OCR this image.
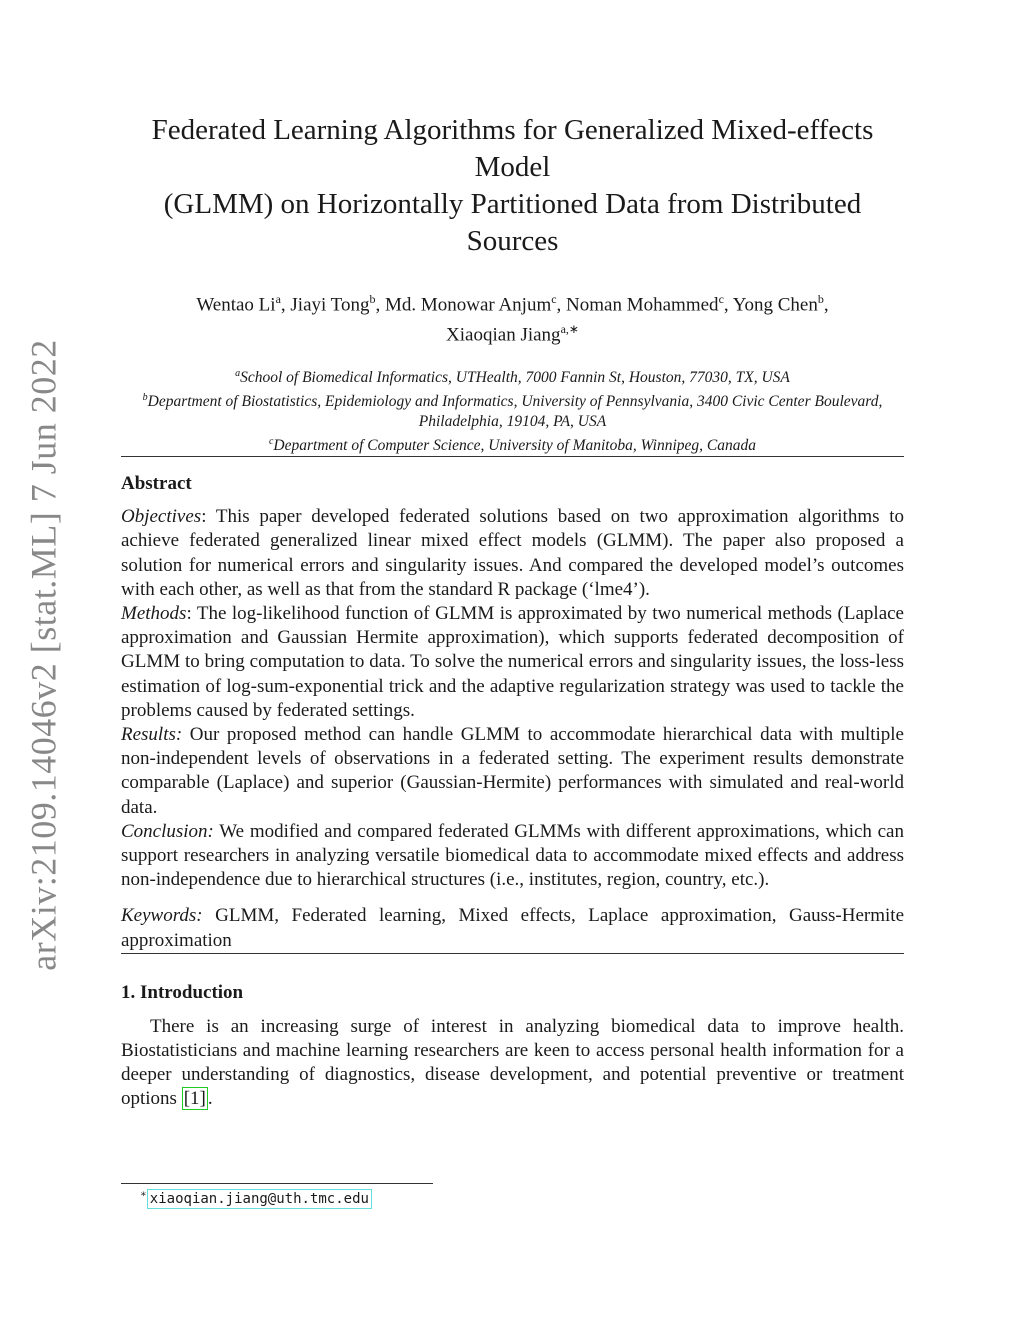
arXiv:2109.14046v2 [stat.ML] 7 Jun 2022
Federated Learning Algorithms for Generalized Mixed-effects Model
(GLMM) on Horizontally Partitioned Data from Distributed
Sources
Wentao Li$^a$, Jiayi Tong$^b$, Md. Monowar Anjum$^c$, Noman Mohammed$^c$, Yong Chen$^b$,
Xiaoqian Jiang$^{a,∗}$
$^a$School of Biomedical Informatics, UTHealth, 7000 Fannin St, Houston, 77030, TX, USA
$^b$Department of Biostatistics, Epidemiology and Informatics, University of Pennsylvania, 3400 Civic Center Boulevard, Philadelphia, 19104, PA, USA
$^c$Department of Computer Science, University of Manitoba, Winnipeg, Canada
Abstract

Objectives: This paper developed federated solutions based on two approximation algorithms to achieve federated generalized linear mixed effect models (GLMM). The paper also proposed a solution for numerical errors and singularity issues. And compared the developed model’s outcomes with each other, as well as that from the standard R package (‘lme4’).

Methods: The log-likelihood function of GLMM is approximated by two numerical methods (Laplace approximation and Gaussian Hermite approximation), which supports federated decomposition of GLMM to bring computation to data. To solve the numerical errors and singularity issues, the loss-less estimation of log-sum-exponential trick and the adaptive regularization strategy was used to tackle the problems caused by federated settings.

Results: Our proposed method can handle GLMM to accommodate hierarchical data with multiple non-independent levels of observations in a federated setting. The experiment results demonstrate comparable (Laplace) and superior (Gaussian-Hermite) performances with simulated and real-world data.

Conclusion: We modified and compared federated GLMMs with different approximations, which can support researchers in analyzing versatile biomedical data to accommodate mixed effects and address non-independence due to hierarchical structures (i.e., institutes, region, country, etc.).

Keywords: GLMM, Federated learning, Mixed effects, Laplace approximation, Gauss-Hermite approximation

1. Introduction

There is an increasing surge of interest in analyzing biomedical data to improve health. Biostatisticians and machine learning researchers are keen to access personal health information for a deeper understanding of diagnostics, disease development, and potential preventive or treatment options [1] .

∗ xiaoqian.jiang@uth.tmc.edu
